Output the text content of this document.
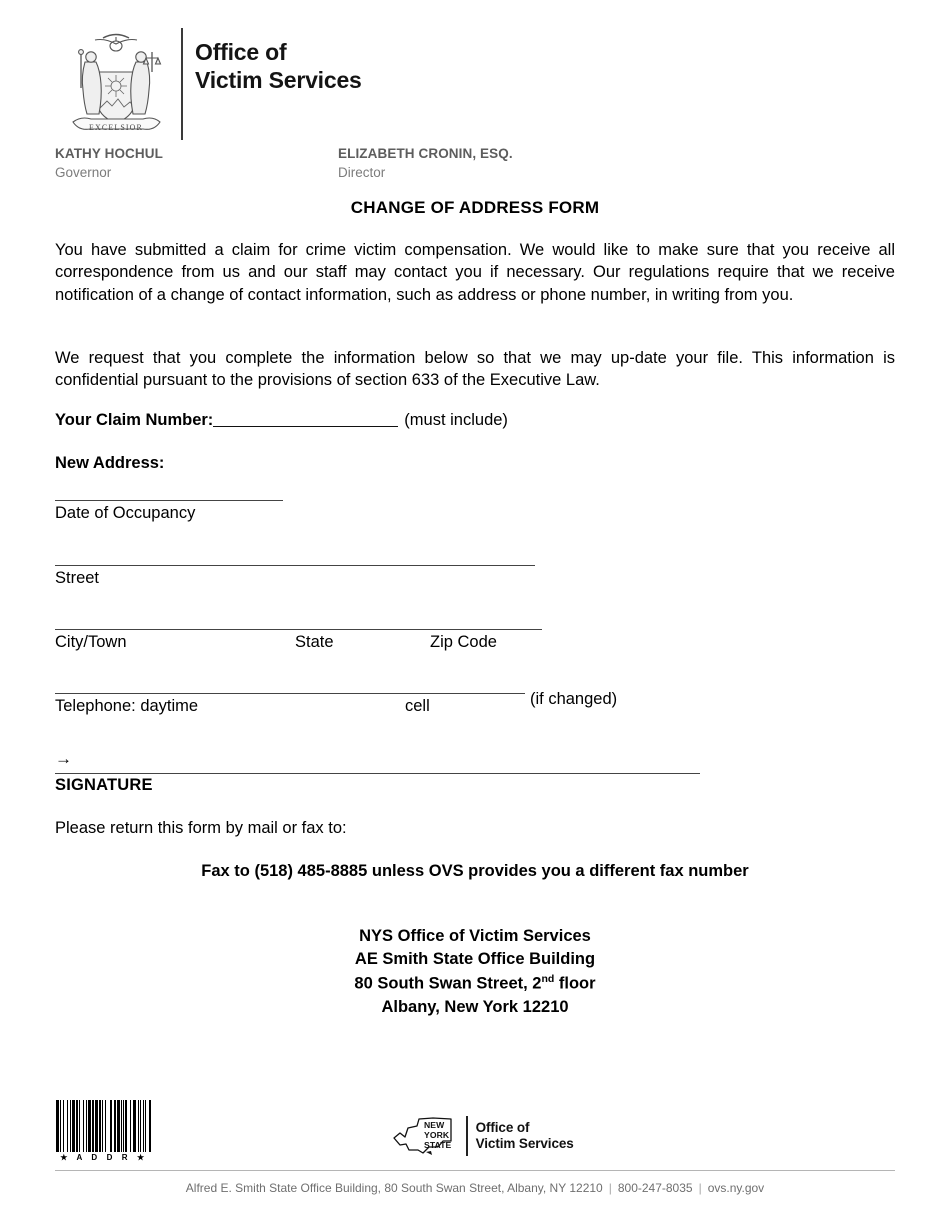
EXCELSIOR
Office of
Victim Services
KATHY HOCHUL
Governor
ELIZABETH CRONIN, ESQ.
Director
CHANGE OF ADDRESS FORM
You have submitted a claim for crime victim compensation. We would like to make sure that you receive all correspondence from us and our staff may contact you if necessary. Our regulations require that we receive notification of a change of contact information, such as address or phone number, in writing from you.
We request that you complete the information below so that we may up-date your file. This information is confidential pursuant to the provisions of section 633 of the Executive Law.
Your Claim Number:	(must include)
New Address:
Date of Occupancy
Street
City/Town	State	Zip Code
Telephone: daytime	cell	(if changed)
→
SIGNATURE
Please return this form by mail or fax to:
Fax to (518) 485-8885 unless OVS provides you a different fax number
NYS Office of Victim Services
AE Smith State Office Building
80 South Swan Street, 2nd floor
Albany, New York 12210
★ A D D R ★
NEW
YORK
STATE
Office of
Victim Services
Alfred E. Smith State Office Building, 80 South Swan Street, Albany, NY 12210 | 800-247-8035 | ovs.ny.gov
